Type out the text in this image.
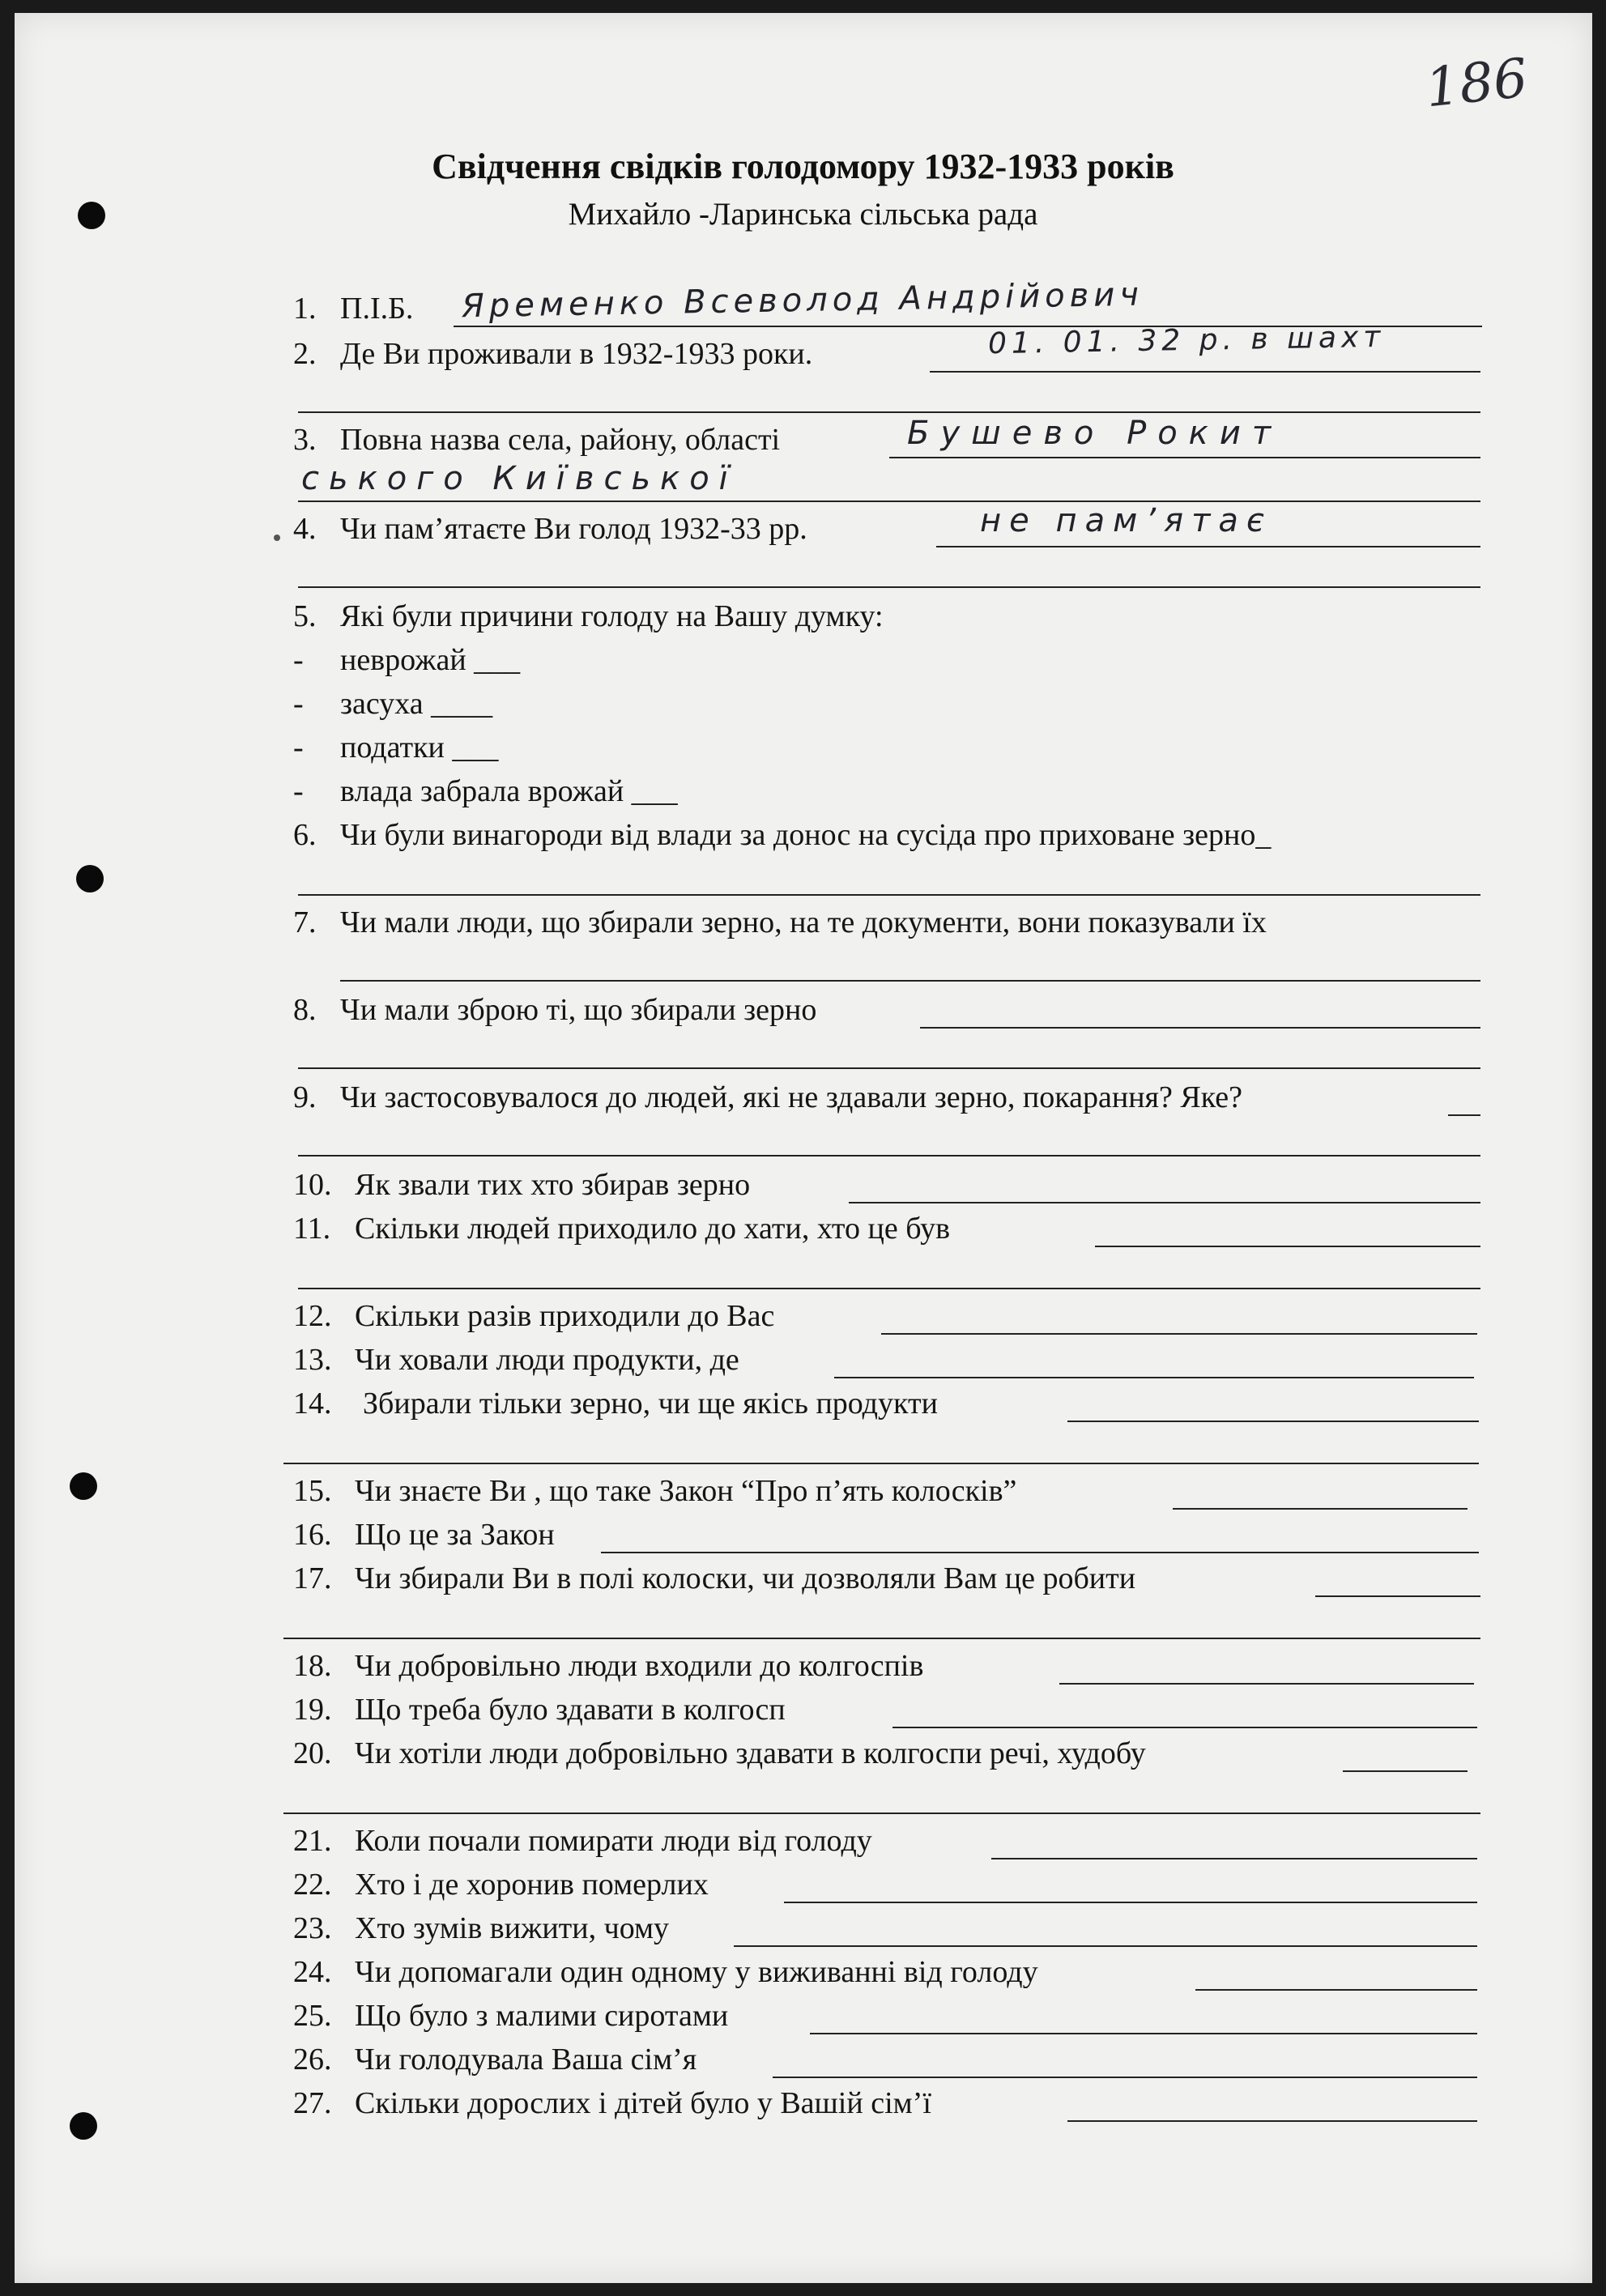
186
Свідчення свідків голодомору 1932-1933 років
Михайло -Ларинська сільська рада
1. П.І.Б. Яременко Всеволод Андрійович
2. Де Ви проживали в 1932-1933 роки.	01. 01. 32 р. в шахт
3. Повна назва села, району, області	Бушево Рокит
ського Київської
4. Чи пам’ятаєте Ви голод 1932-33 рр.	не пам’ятає
5. Які були причини голоду на Вашу думку:
- неврожай ___
- засуха ____
- податки ___
- влада забрала врожай ___
6. Чи були винагороди від влади за донос на сусіда про приховане зерно_
7. Чи мали люди, що збирали зерно, на те документи, вони показували їх
8. Чи мали зброю ті, що збирали зерно
9. Чи застосовувалося до людей, які не здавали зерно, покарання? Яке?
10. Як звали тих хто збирав зерно
11. Скільки людей приходило до хати, хто це був
12. Скільки разів приходили до Вас
13. Чи ховали люди продукти, де
14. Збирали тільки зерно, чи ще якісь продукти
15. Чи знаєте Ви , що таке Закон “Про п’ять колосків”
16. Що це за Закон
17. Чи збирали Ви в полі колоски, чи дозволяли Вам це робити
18. Чи добровільно люди входили до колгоспів
19. Що треба було здавати в колгосп
20. Чи хотіли люди добровільно здавати в колгоспи речі, худобу
21. Коли почали помирати люди від голоду
22. Хто і де хоронив померлих
23. Хто зумів вижити, чому
24. Чи допомагали один одному у виживанні від голоду
25. Що було з малими сиротами
26. Чи голодувала Ваша сім’я
27. Скільки дорослих і дітей було у Вашій сім’ї
